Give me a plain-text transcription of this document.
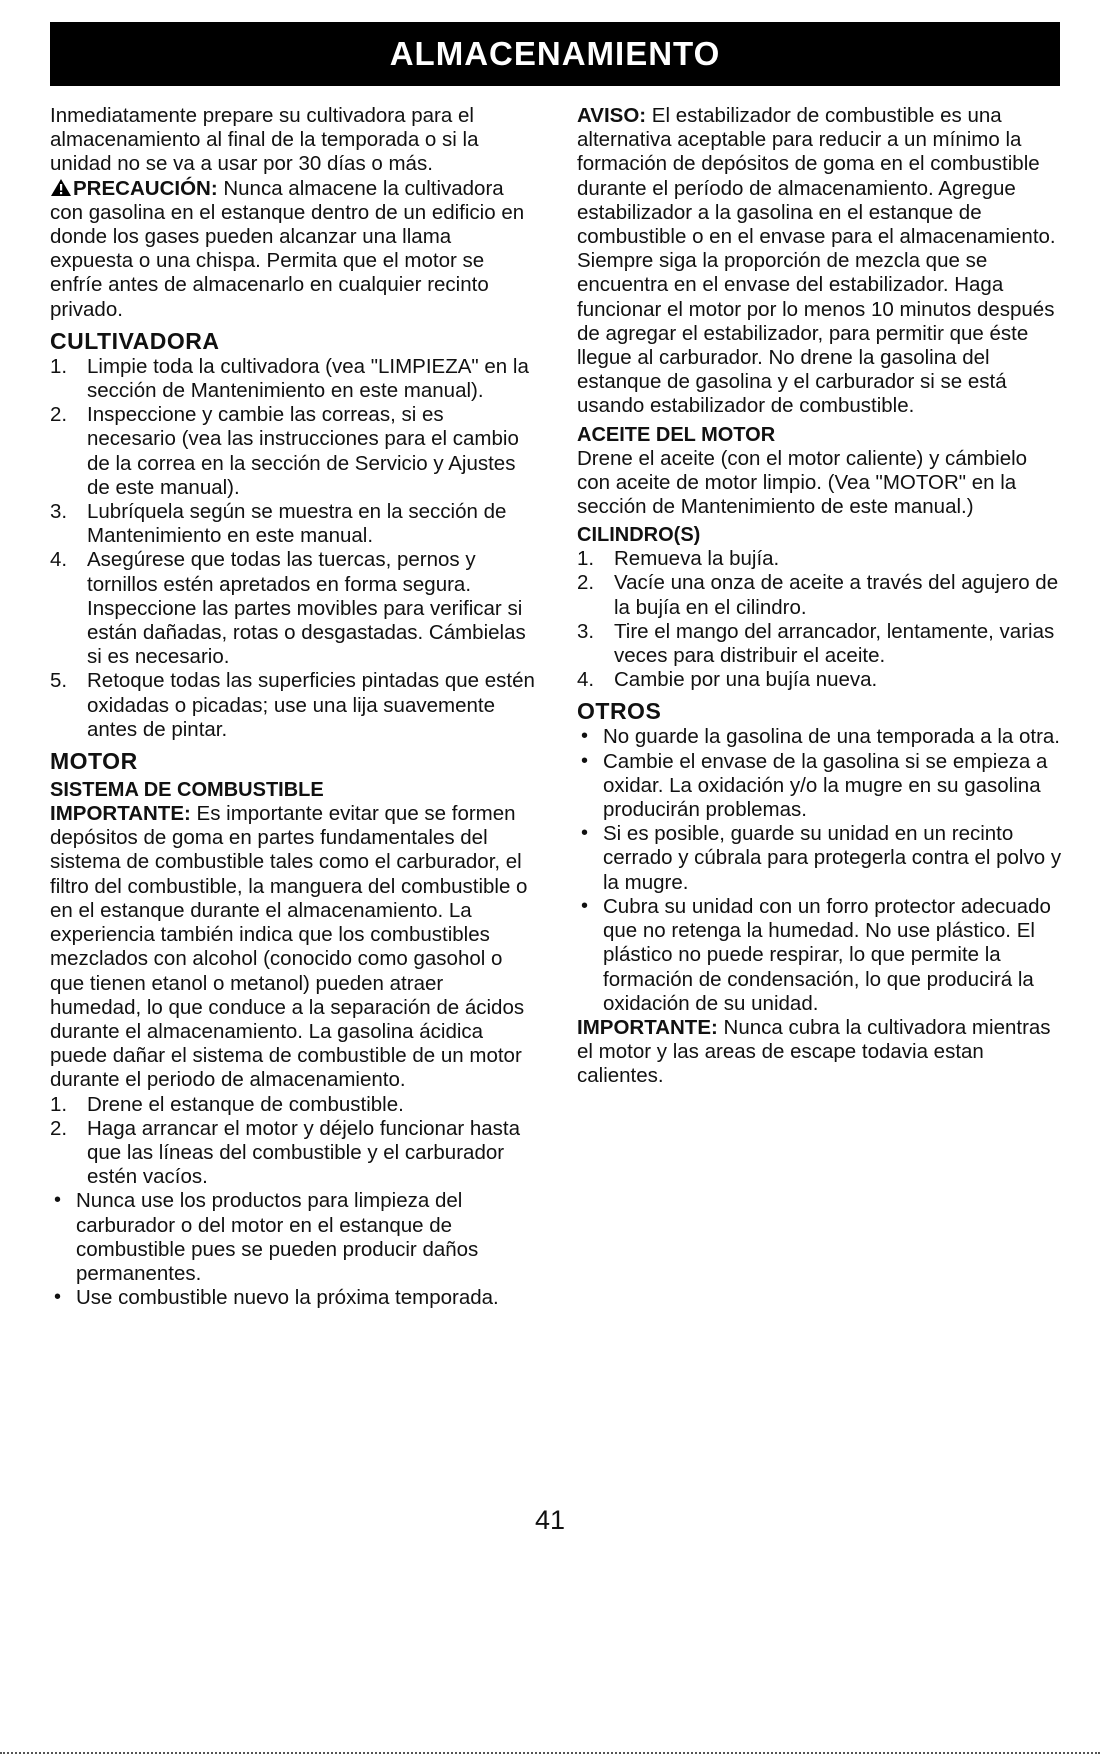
ALMACENAMIENTO

Inmediatamente prepare su cultivadora para el almacenamiento al final de la temporada o si la unidad no se va a usar por 30 días o más.

PRECAUCIÓN: Nunca almacene la cultivadora con gasolina en el estanque dentro de un edificio en donde los gases pueden alcanzar una llama expuesta o una chispa. Permita que el motor se enfríe antes de almacenarlo en cualquier recinto privado.

CULTIVADORA
1. Limpie toda la cultivadora (vea "LIMPIEZA" en la sección de Mantenimiento en este manual).
2. Inspeccione y cambie las correas, si es necesario (vea las instrucciones para el cambio de la correa en la sección de Servicio y Ajustes de este manual).
3. Lubríquela según se muestra en la sección de Mantenimiento en este manual.
4. Asegúrese que todas las tuercas, pernos y tornillos estén apretados en forma segura. Inspeccione las partes movibles para verificar si están dañadas, rotas o desgastadas. Cámbielas si es necesario.
5. Retoque todas las superficies pintadas que estén oxidadas o picadas; use una lija suavemente antes de pintar.
MOTOR
SISTEMA DE COMBUSTIBLE

IMPORTANTE: Es importante evitar que se formen depósitos de goma en partes fundamentales del sistema de combustible tales como el carburador, el filtro del combustible, la manguera del combustible o en el estanque durante el almacenamiento. La experiencia también indica que los combustibles mezclados con alcohol (conocido como gasohol o que tienen etanol o metanol) pueden atraer humedad, lo que conduce a la separación de ácidos durante el almacenamiento. La gasolina ácidica puede dañar el sistema de combustible de un motor durante el periodo de almacenamiento.

1. Drene el estanque de combustible.
2. Haga arrancar el motor y déjelo funcionar hasta que las líneas del combustible y el carburador estén vacíos.
• Nunca use los productos para limpieza del carburador o del motor en el estanque de combustible pues se pueden producir daños permanentes.
• Use combustible nuevo la próxima temporada.

AVISO: El estabilizador de combustible es una alternativa aceptable para reducir a un mínimo la formación de depósitos de goma en el combustible durante el período de almacenamiento. Agregue estabilizador a la gasolina en el estanque de combustible o en el envase para el almacenamiento. Siempre siga la proporción de mezcla que se encuentra en el envase del estabilizador. Haga funcionar el motor por lo menos 10 minutos después de agregar el estabilizador, para permitir que éste llegue al carburador. No drene la gasolina del estanque de gasolina y el carburador si se está usando estabilizador de combustible.

ACEITE DEL MOTOR

Drene el aceite (con el motor caliente) y cámbielo con aceite de motor limpio. (Vea "MOTOR" en la sección de Mantenimiento de este manual.)

CILINDRO(S)
1. Remueva la bujía.
2. Vacíe una onza de aceite a través del agujero de la bujía en el cilindro.
3. Tire el mango del arrancador, lentamente, varias veces para distribuir el aceite.
4. Cambie por una bujía nueva.
OTROS
• No guarde la gasolina de una temporada a la otra.
• Cambie el envase de la gasolina si se empieza a oxidar. La oxidación y/o la mugre en su gasolina producirán problemas.
• Si es posible, guarde su unidad en un recinto cerrado y cúbrala para protegerla contra el polvo y la mugre.
• Cubra su unidad con un forro protector adecuado que no retenga la humedad. No use plástico. El plástico no puede respirar, lo que permite la formación de condensación, lo que producirá la oxidación de su unidad.

IMPORTANTE: Nunca cubra la cultivadora mientras el motor y las areas de escape todavia estan calientes.

41
